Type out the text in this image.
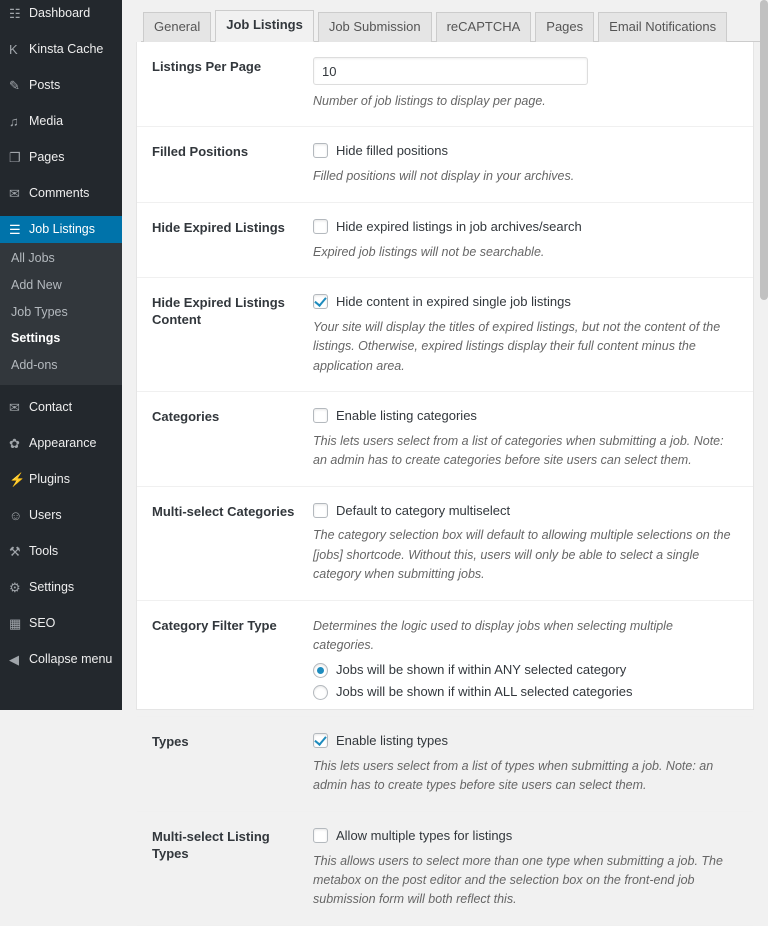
☷ Dashboard
K Kinsta Cache
✎ Posts
♫ Media
❐ Pages
✉ Comments
☰ Job Listings
All Jobs
Add New
Job Types
Settings
Add-ons
✉ Contact
✿ Appearance
⚡ Plugins
☺ Users
⚒ Tools
⚙ Settings
▦ SEO
◀ Collapse menu
General	Job Listings	Job Submission	reCAPTCHA	Pages	Email Notifications
Listings Per Page	10

Number of job listings to display per page.

Filled Positions	Hide filled positions

Filled positions will not display in your archives.

Hide Expired Listings	Hide expired listings in job archives/search

Expired job listings will not be searchable.

Hide Expired Listings Content	Hide content in expired single job listings

Your site will display the titles of expired listings, but not the content of the listings. Otherwise, expired listings display their full content minus the application area.

Categories	Enable listing categories

This lets users select from a list of categories when submitting a job. Note: an admin has to create categories before site users can select them.

Multi-select Categories	Default to category multiselect

The category selection box will default to allowing multiple selections on the [jobs] shortcode. Without this, users will only be able to select a single category when submitting jobs.

Category Filter Type	Determines the logic used to display jobs when selecting multiple categories.

Jobs will be shown if within ANY selected category
Jobs will be shown if within ALL selected categories

Types	Enable listing types

This lets users select from a list of types when submitting a job. Note: an admin has to create types before site users can select them.

Multi-select Listing Types	Allow multiple types for listings

This allows users to select more than one type when submitting a job. The metabox on the post editor and the selection box on the front-end job submission form will both reflect this.
